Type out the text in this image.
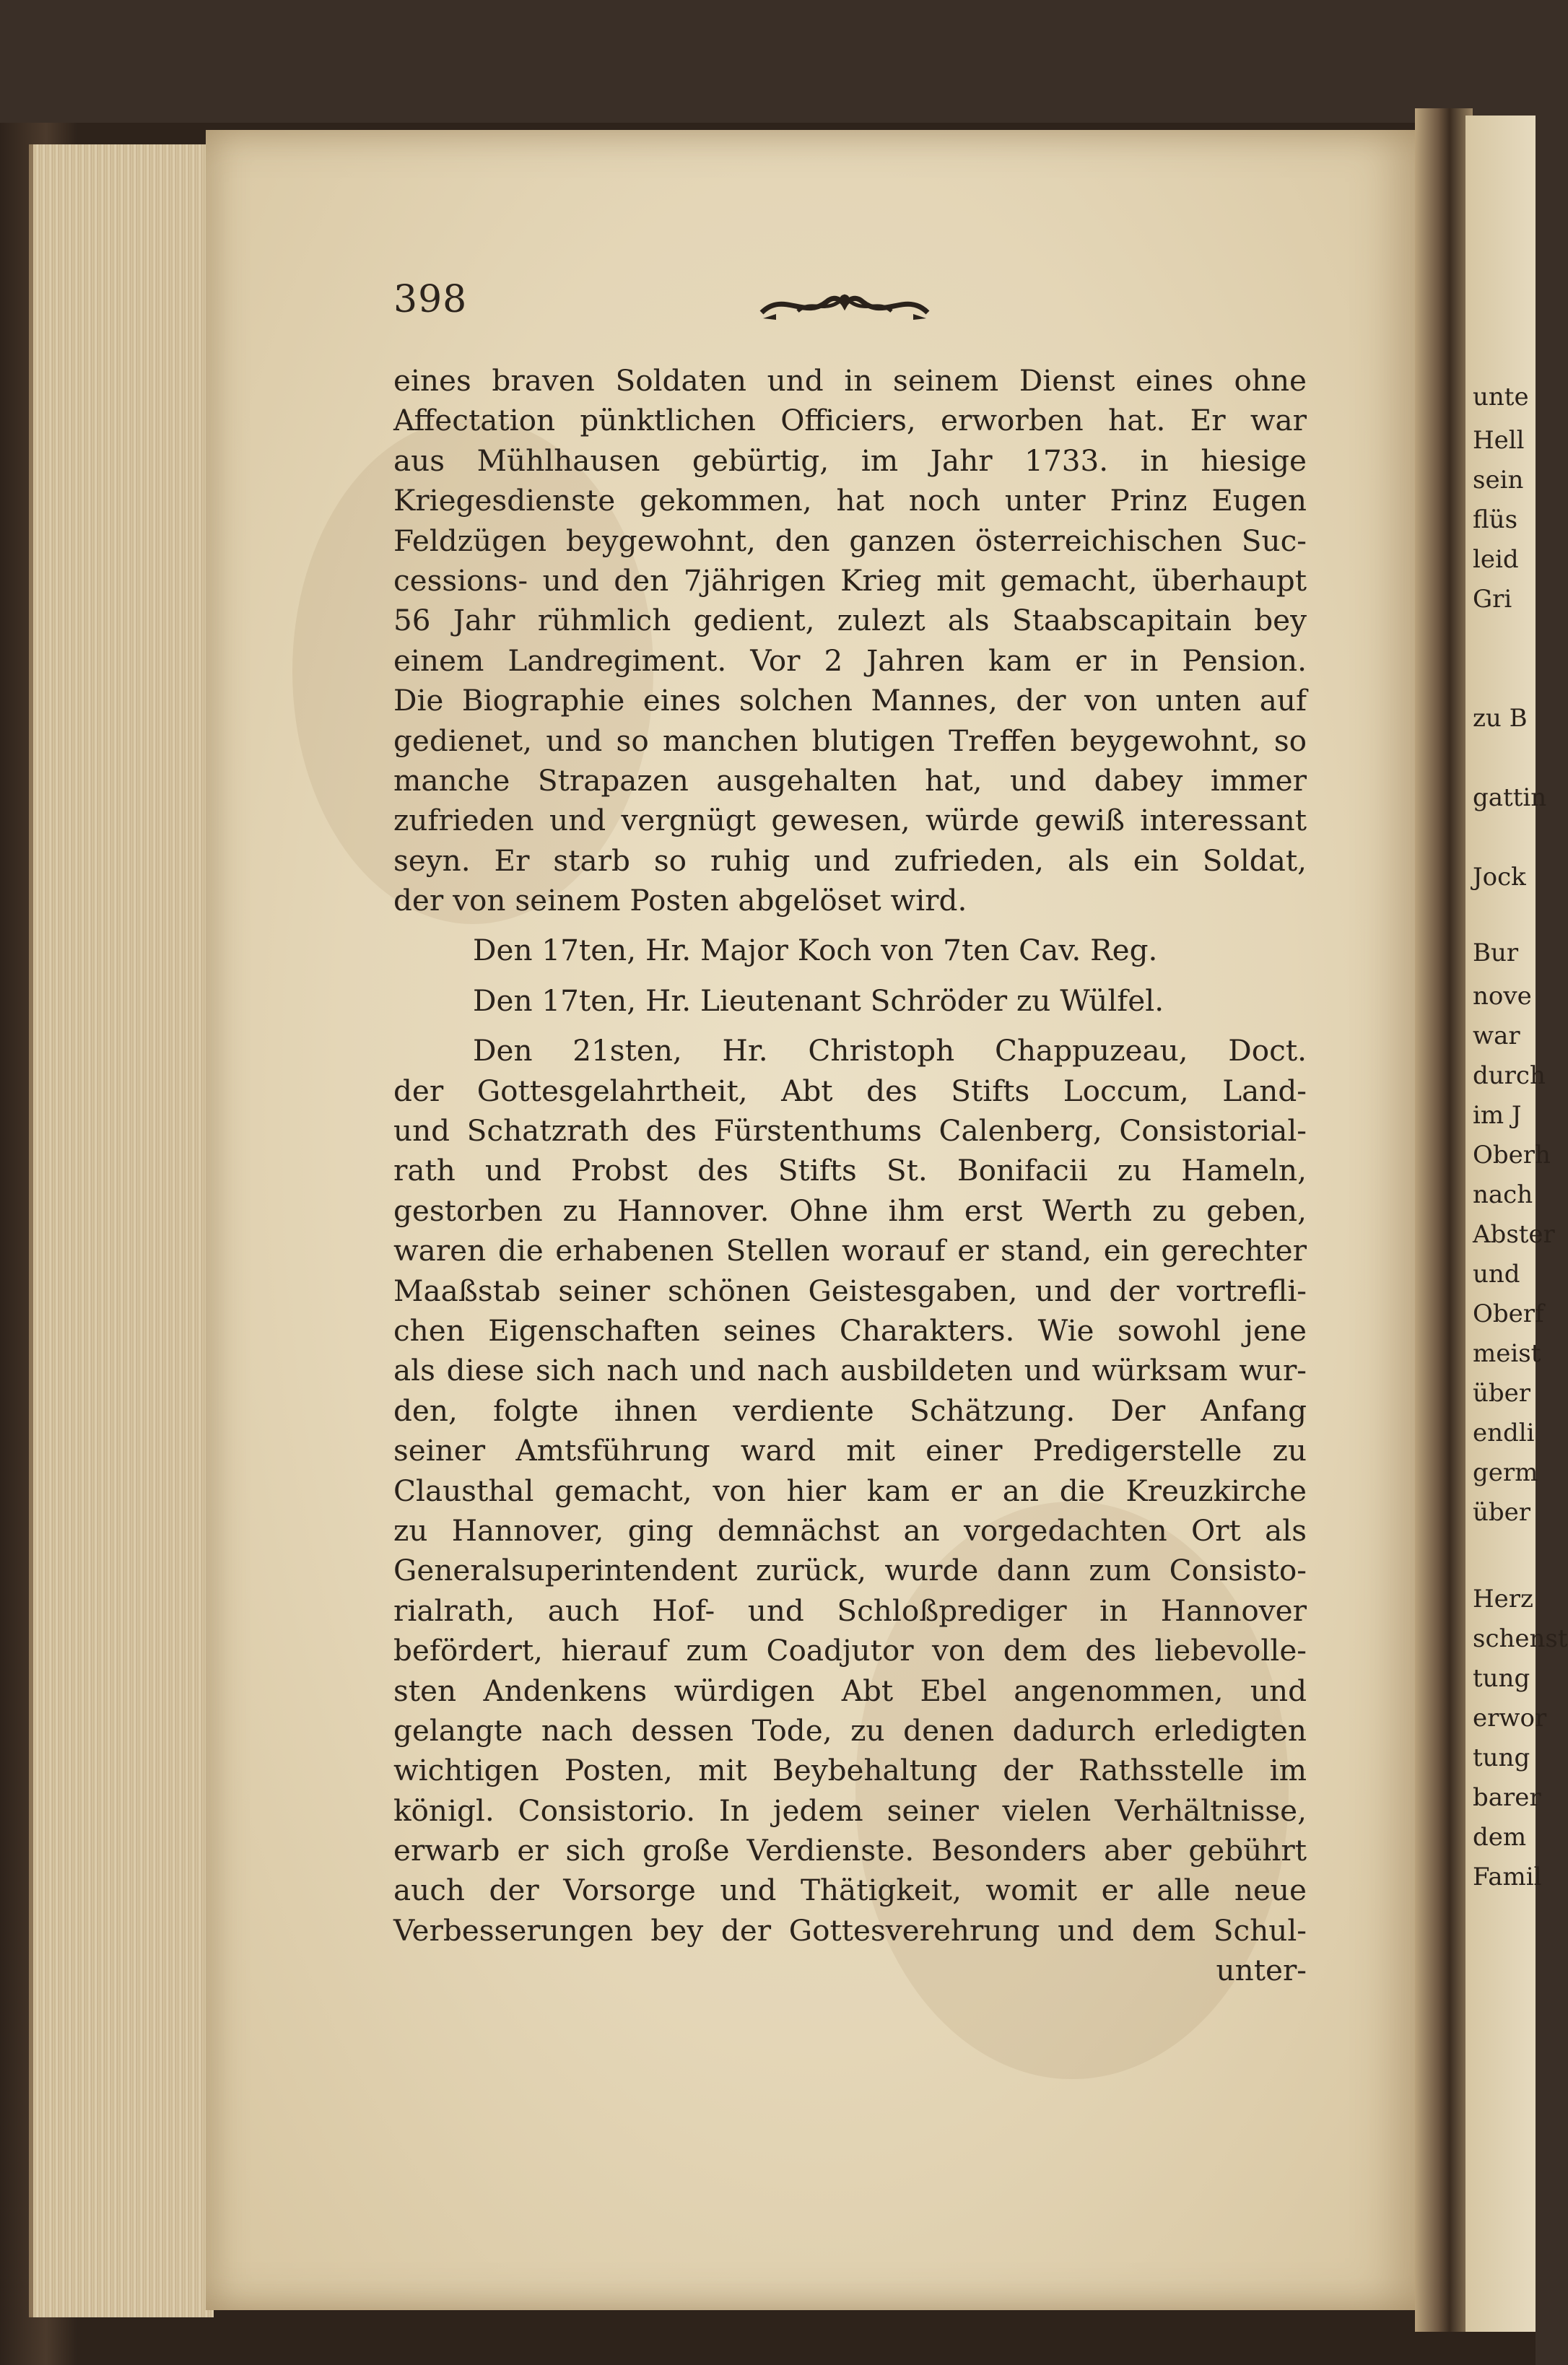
unte
Hell
sein
flüs
leid
Gri
zu B
gattin
Jock
Bur
nove
war
durch
im J
Oberh
nach
Abster
und
Oberf
meist
über
endli
germ
über
Herz
schenst
tung
erwor
tung
barer
dem
Famil
398
eines braven Soldaten und in seinem Dienst eines ohne
Affectation pünktlichen Officiers, erworben hat. Er war
aus Mühlhausen gebürtig, im Jahr 1733. in hiesige
Kriegesdienste gekommen, hat noch unter Prinz Eugen
Feldzügen beygewohnt, den ganzen österreichischen Suc-
cessions- und den 7jährigen Krieg mit gemacht, überhaupt
56 Jahr rühmlich gedient, zulezt als Staabscapitain bey
einem Landregiment. Vor 2 Jahren kam er in Pension.
Die Biographie eines solchen Mannes, der von unten auf
gedienet, und so manchen blutigen Treffen beygewohnt, so
manche Strapazen ausgehalten hat, und dabey immer
zufrieden und vergnügt gewesen, würde gewiß interessant
seyn. Er starb so ruhig und zufrieden, als ein Soldat,
der von seinem Posten abgelöset wird.
Den 17ten, Hr. Major Koch von 7ten Cav. Reg.
Den 17ten, Hr. Lieutenant Schröder zu Wülfel.
Den 21sten, Hr. Christoph Chappuzeau, Doct.
der Gottesgelahrtheit, Abt des Stifts Loccum, Land-
und Schatzrath des Fürstenthums Calenberg, Consistorial-
rath und Probst des Stifts St. Bonifacii zu Hameln,
gestorben zu Hannover. Ohne ihm erst Werth zu geben,
waren die erhabenen Stellen worauf er stand, ein gerechter
Maaßstab seiner schönen Geistesgaben, und der vortrefli-
chen Eigenschaften seines Charakters. Wie sowohl jene
als diese sich nach und nach ausbildeten und würksam wur-
den, folgte ihnen verdiente Schätzung. Der Anfang
seiner Amtsführung ward mit einer Predigerstelle zu
Clausthal gemacht, von hier kam er an die Kreuzkirche
zu Hannover, ging demnächst an vorgedachten Ort als
Generalsuperintendent zurück, wurde dann zum Consisto-
rialrath, auch Hof- und Schloßprediger in Hannover
befördert, hierauf zum Coadjutor von dem des liebevolle-
sten Andenkens würdigen Abt Ebel angenommen, und
gelangte nach dessen Tode, zu denen dadurch erledigten
wichtigen Posten, mit Beybehaltung der Rathsstelle im
königl. Consistorio. In jedem seiner vielen Verhältnisse,
erwarb er sich große Verdienste. Besonders aber gebührt
auch der Vorsorge und Thätigkeit, womit er alle neue
Verbesserungen bey der Gottesverehrung und dem Schul-
unter-
